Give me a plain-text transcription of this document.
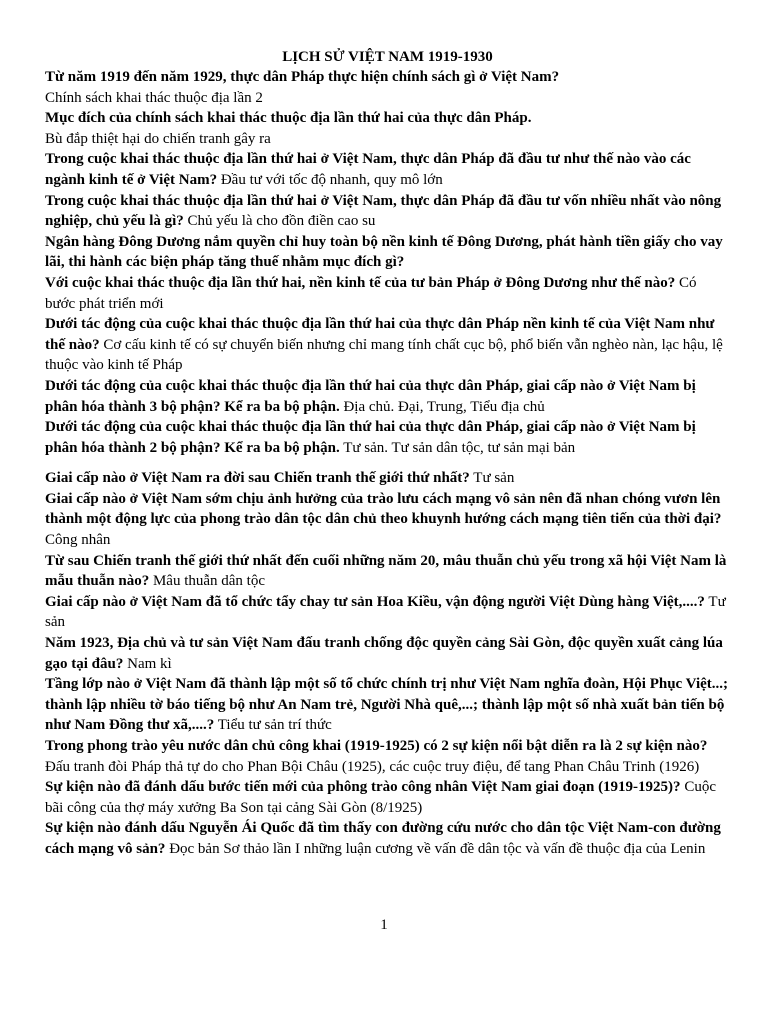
LỊCH SỬ VIỆT NAM 1919-1930

Từ năm 1919 đến năm 1929, thực dân Pháp thực hiện chính sách gì ở Việt Nam?
Chính sách khai thác thuộc địa lần 2

Mục đích của chính sách khai thác thuộc địa lần thứ hai của thực dân Pháp.
Bù đắp thiệt hại do chiến tranh gây ra

Trong cuộc khai thác thuộc địa lần thứ hai ở Việt Nam, thực dân Pháp đã đầu tư như thế nào vào các ngành kinh tế ở Việt Nam? Đầu tư với tốc độ nhanh, quy mô lớn

Trong cuộc khai thác thuộc địa lần thứ hai ở Việt Nam, thực dân Pháp đã đầu tư vốn nhiều nhất vào nông nghiệp, chủ yếu là gì? Chủ yếu là cho đồn điền cao su

Ngân hàng Đông Dương nắm quyền chỉ huy toàn bộ nền kinh tế Đông Dương, phát hành tiền giấy cho vay lãi, thi hành các biện pháp tăng thuế nhằm mục đích gì?

Với cuộc khai thác thuộc địa lần thứ hai, nền kinh tế của tư bản Pháp ở Đông Dương như thế nào? Có bước phát triển mới

Dưới tác động của cuộc khai thác thuộc địa lần thứ hai của thực dân Pháp nền kinh tế của Việt Nam như thế nào? Cơ cấu kinh tế có sự chuyển biến nhưng chỉ mang tính chất cục bộ, phổ biến vẫn nghèo nàn, lạc hậu, lệ thuộc vào kinh tế Pháp

Dưới tác động của cuộc khai thác thuộc địa lần thứ hai của thực dân Pháp, giai cấp nào ở Việt Nam bị phân hóa thành 3 bộ phận? Kể ra ba bộ phận. Địa chủ. Đại, Trung, Tiểu địa chủ

Dưới tác động của cuộc khai thác thuộc địa lần thứ hai của thực dân Pháp, giai cấp nào ở Việt Nam bị phân hóa thành 2 bộ phận? Kể ra ba bộ phận. Tư sản. Tư sản dân tộc, tư sản mại bản

Giai cấp nào ở Việt Nam ra đời sau Chiến tranh thế giới thứ nhất? Tư sản

Giai cấp nào ở Việt Nam sớm chịu ảnh hưởng của trào lưu cách mạng vô sản nên đã nhan chóng vươn lên thành một động lực của phong trào dân tộc dân chủ theo khuynh hướng cách mạng tiên tiến của thời đại? Công nhân

Từ sau Chiến tranh thế giới thứ nhất đến cuối những năm 20, mâu thuẫn chủ yếu trong xã hội Việt Nam là mẫu thuẫn nào? Mâu thuẫn dân tộc

Giai cấp nào ở Việt Nam đã tổ chức tẩy chay tư sản Hoa Kiều, vận động người Việt Dùng hàng Việt,....? Tư sản

Năm 1923, Địa chủ và tư sản Việt Nam đấu tranh chống độc quyền cảng Sài Gòn, độc quyền xuất cảng lúa gạo tại đâu? Nam kì

Tầng lớp nào ở Việt Nam đã thành lập một số tổ chức chính trị như Việt Nam nghĩa đoàn, Hội Phục Việt...; thành lập nhiều tờ báo tiếng bộ như An Nam trẻ, Người Nhà quê,...; thành lập một số nhà xuất bản tiến bộ như Nam Đồng thư xã,....? Tiểu tư sản trí thức

Trong phong trào yêu nước dân chủ công khai (1919-1925) có 2 sự kiện nổi bật diễn ra là 2 sự kiện nào? Đấu tranh đòi Pháp thả tự do cho Phan Bội Châu (1925), các cuộc truy điệu, để tang Phan Châu Trinh (1926)

Sự kiện nào đã đánh dấu bước tiến mới của phông trào công nhân Việt Nam giai đoạn (1919-1925)? Cuộc bãi công của thợ máy xưởng Ba Son tại cảng Sài Gòn (8/1925)

Sự kiện nào đánh dấu Nguyễn Ái Quốc đã tìm thấy con đường cứu nước cho dân tộc Việt Nam-con đường cách mạng vô sản? Đọc bản Sơ thảo lần I những luận cương về vấn đề dân tộc và vấn đề thuộc địa của Lenin

1
